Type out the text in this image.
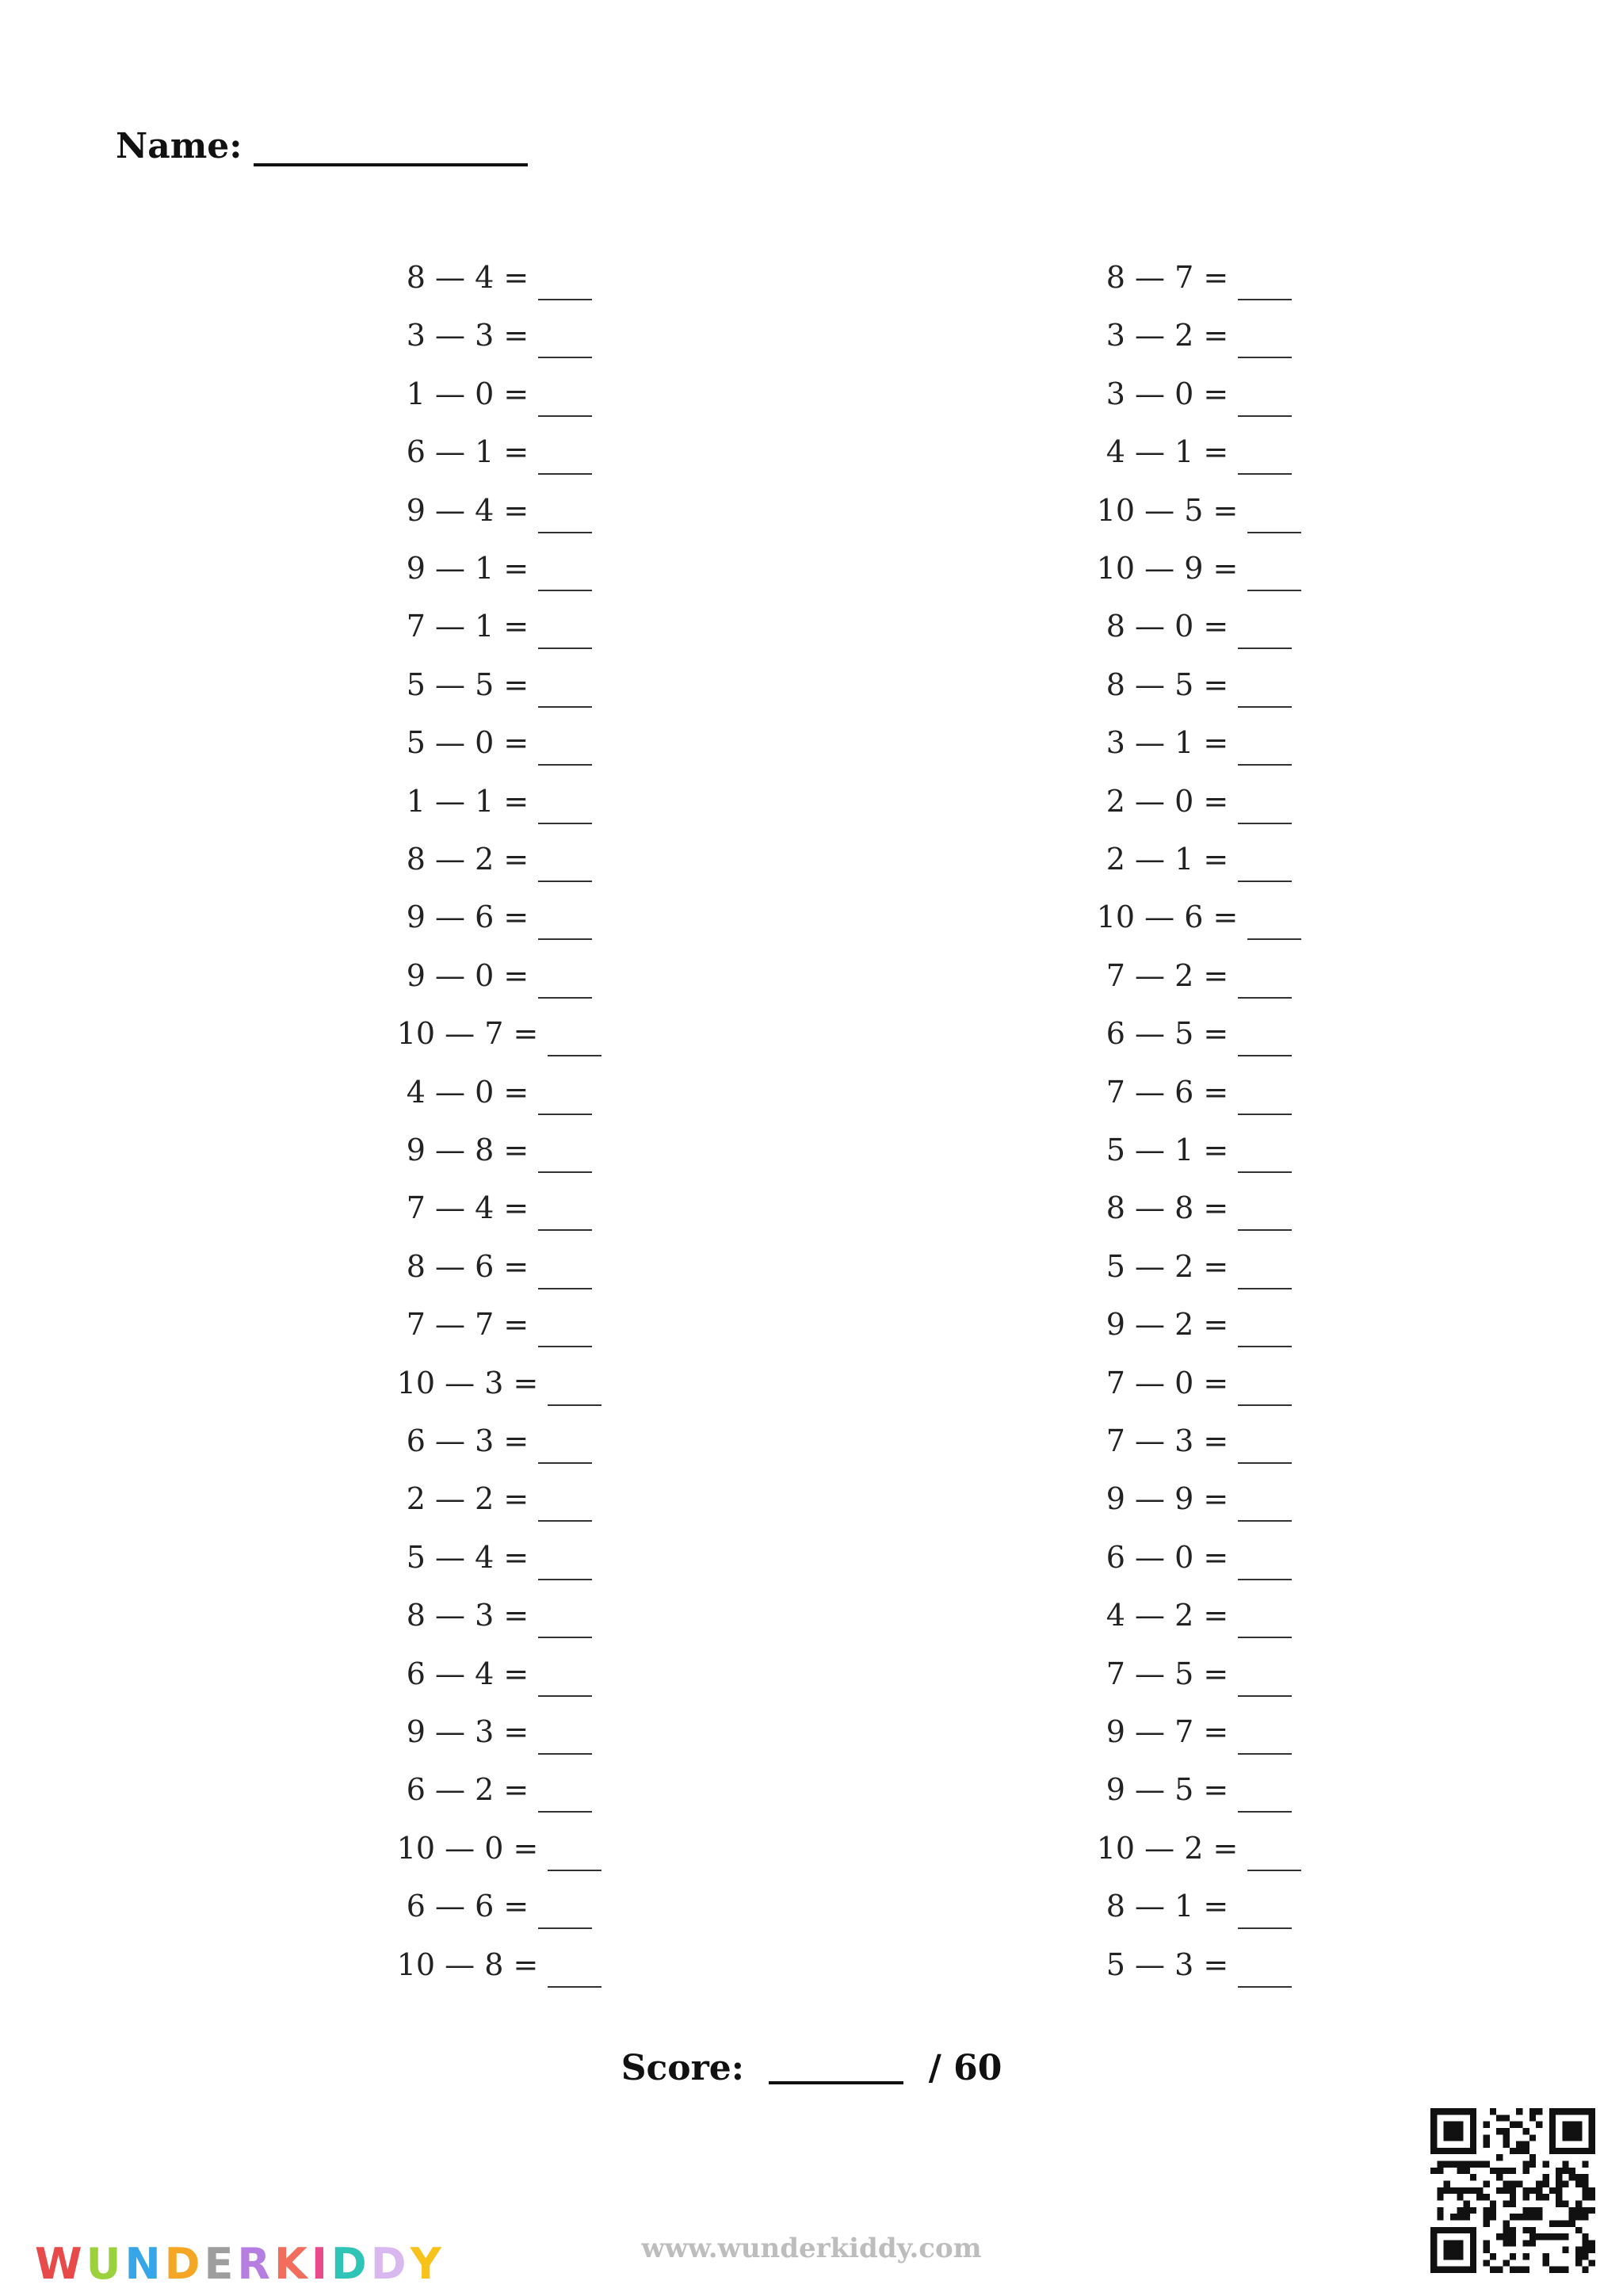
Name:
8 — 4 =
3 — 3 =
1 — 0 =
6 — 1 =
9 — 4 =
9 — 1 =
7 — 1 =
5 — 5 =
5 — 0 =
1 — 1 =
8 — 2 =
9 — 6 =
9 — 0 =
10 — 7 =
4 — 0 =
9 — 8 =
7 — 4 =
8 — 6 =
7 — 7 =
10 — 3 =
6 — 3 =
2 — 2 =
5 — 4 =
8 — 3 =
6 — 4 =
9 — 3 =
6 — 2 =
10 — 0 =
6 — 6 =
10 — 8 =
8 — 7 =
3 — 2 =
3 — 0 =
4 — 1 =
10 — 5 =
10 — 9 =
8 — 0 =
8 — 5 =
3 — 1 =
2 — 0 =
2 — 1 =
10 — 6 =
7 — 2 =
6 — 5 =
7 — 6 =
5 — 1 =
8 — 8 =
5 — 2 =
9 — 2 =
7 — 0 =
7 — 3 =
9 — 9 =
6 — 0 =
4 — 2 =
7 — 5 =
9 — 7 =
9 — 5 =
10 — 2 =
8 — 1 =
5 — 3 =
Score:	/ 60
W U N D E R K I D D Y	www.wunderkiddy.com
